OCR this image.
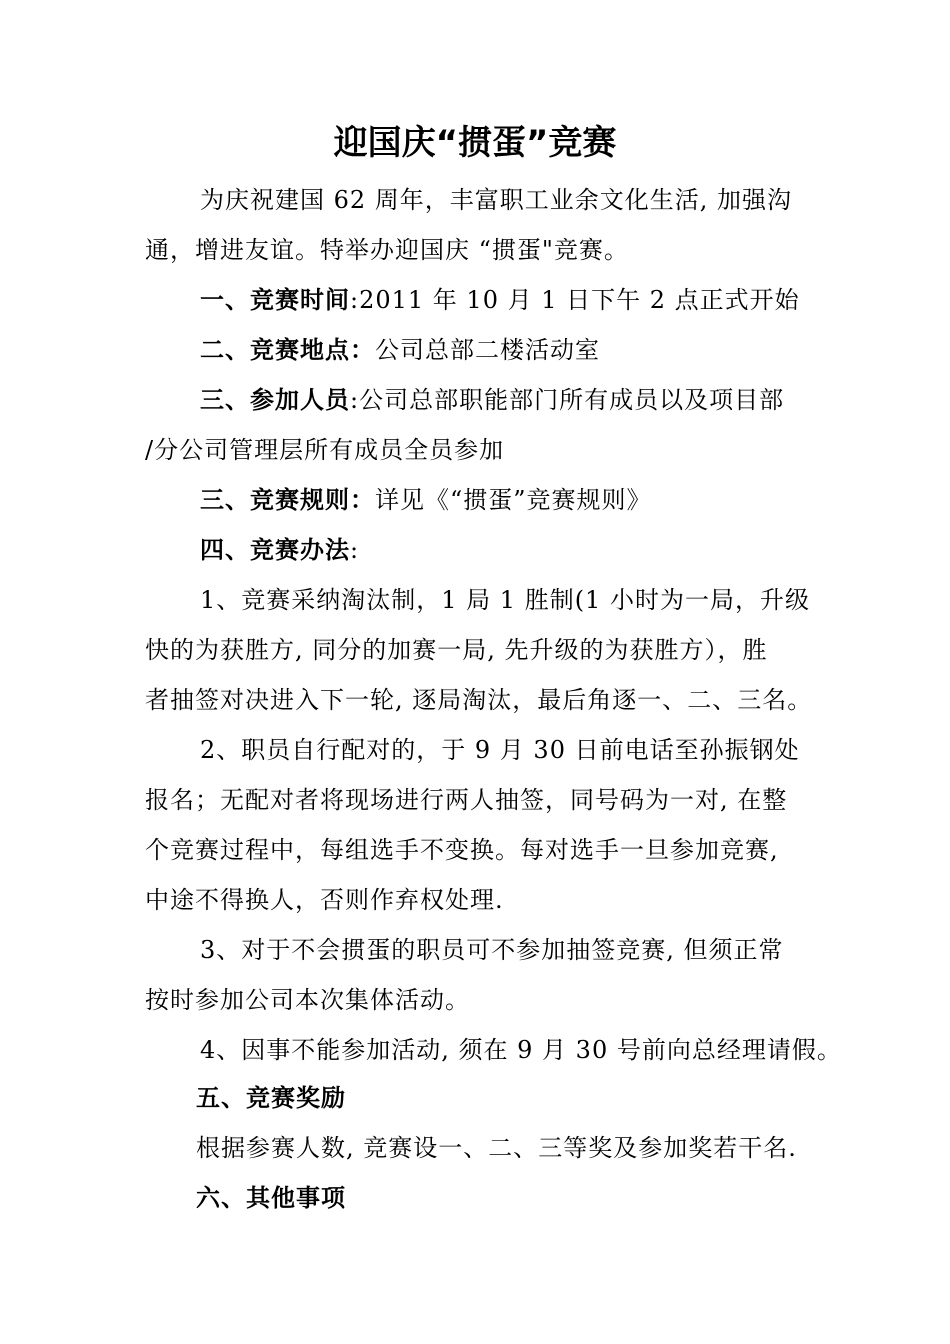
迎国庆“掼蛋”竞赛
为庆祝建国 62 周年，丰富职工业余文化生活, 加强沟
通，增进友谊。特举办迎国庆 “掼蛋"竞赛。
一、竞赛时间:2011 年 10 月 1 日下午 2 点正式开始
二、竞赛地点：公司总部二楼活动室
三、参加人员:公司总部职能部门所有成员以及项目部
/分公司管理层所有成员全员参加
三、竞赛规则：详见《“掼蛋”竞赛规则》
四、竞赛办法:
1、竞赛采纳淘汰制，1 局 1 胜制(1 小时为一局，升级
快的为获胜方, 同分的加赛一局, 先升级的为获胜方），胜
者抽签对决进入下一轮, 逐局淘汰，最后角逐一、二、三名。
2、职员自行配对的，于 9 月 30 日前电话至孙振钢处
报名；无配对者将现场进行两人抽签，同号码为一对, 在整
个竞赛过程中，每组选手不变换。每对选手一旦参加竞赛,
中途不得换人，否则作弃权处理.
3、对于不会掼蛋的职员可不参加抽签竞赛, 但须正常
按时参加公司本次集体活动。
4、因事不能参加活动, 须在 9 月 30 号前向总经理请假。
五、竞赛奖励
根据参赛人数, 竞赛设一、二、三等奖及参加奖若干名.
六、其他事项
